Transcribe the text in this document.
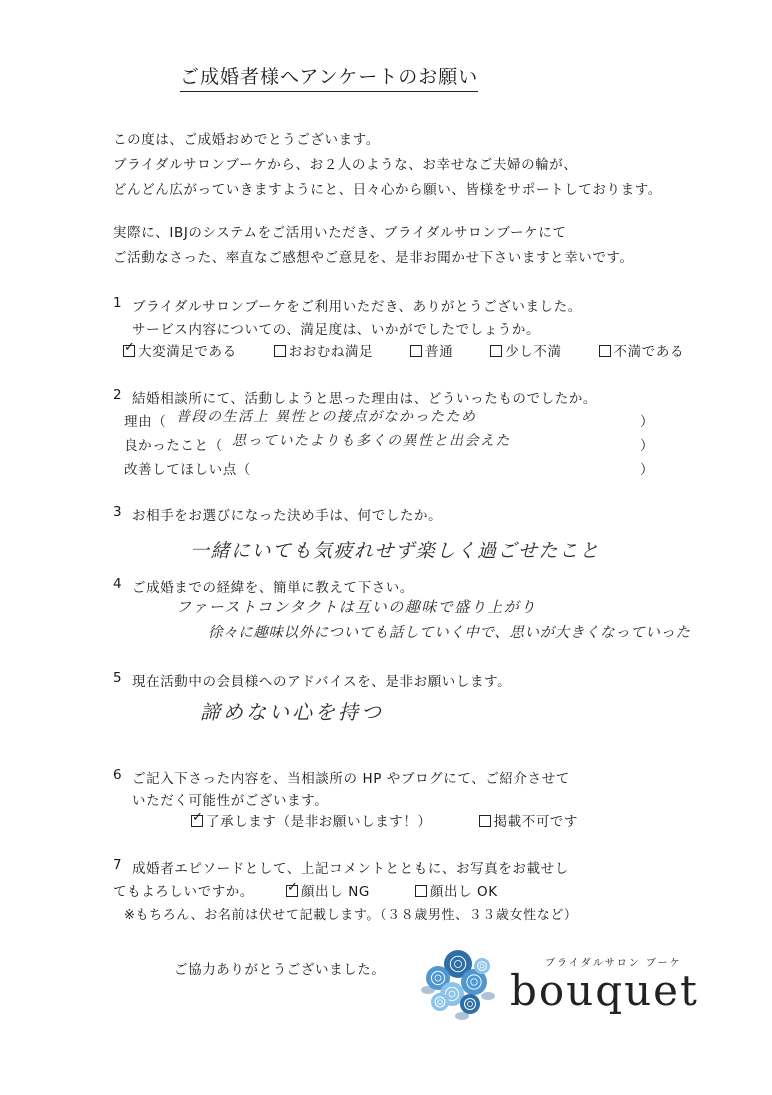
ご成婚者様へアンケートのお願い
この度は、ご成婚おめでとうございます。
ブライダルサロンブーケから、お２人のような、お幸せなご夫婦の輪が、
どんどん広がっていきますようにと、日々心から願い、皆様をサポートしております。
実際に、IBJのシステムをご活用いただき、ブライダルサロンブーケにて
ご活動なさった、率直なご感想やご意見を、是非お聞かせ下さいますと幸いです。
1 ブライダルサロンブーケをご利用いただき、ありがとうございました。
サービス内容についての、満足度は、いかがでしたでしょうか。
✓大変満足である	おおむね満足	普通	少し不満	不満である
2 結婚相談所にて、活動しようと思った理由は、どういったものでしたか。
理由（ 普段の生活上 異性との接点がなかったため	）
良かったこと（ 思っていたよりも多くの異性と出会えた	）
改善してほしい点（	）
3 お相手をお選びになった決め手は、何でしたか。
一緒にいても気疲れせず楽しく過ごせたこと
4 ご成婚までの経緯を、簡単に教えて下さい。
ファーストコンタクトは互いの趣味で盛り上がり
徐々に趣味以外についても話していく中で、思いが大きくなっていった
5 現在活動中の会員様へのアドバイスを、是非お願いします。
諦めない心を持つ
6 ご記入下さった内容を、当相談所の HP やブログにて、ご紹介させて
いただく可能性がございます。
✓了承します（是非お願いします！）	掲載不可です
7 成婚者エピソードとして、上記コメントとともに、お写真をお載せし
てもよろしいですか。
✓	顔出し NG	顔出し OK
※もちろん、お名前は伏せて記載します。（３８歳男性、３３歳女性など）
ご協力ありがとうございました。	ブライダルサロン ブーケ
bouquet
